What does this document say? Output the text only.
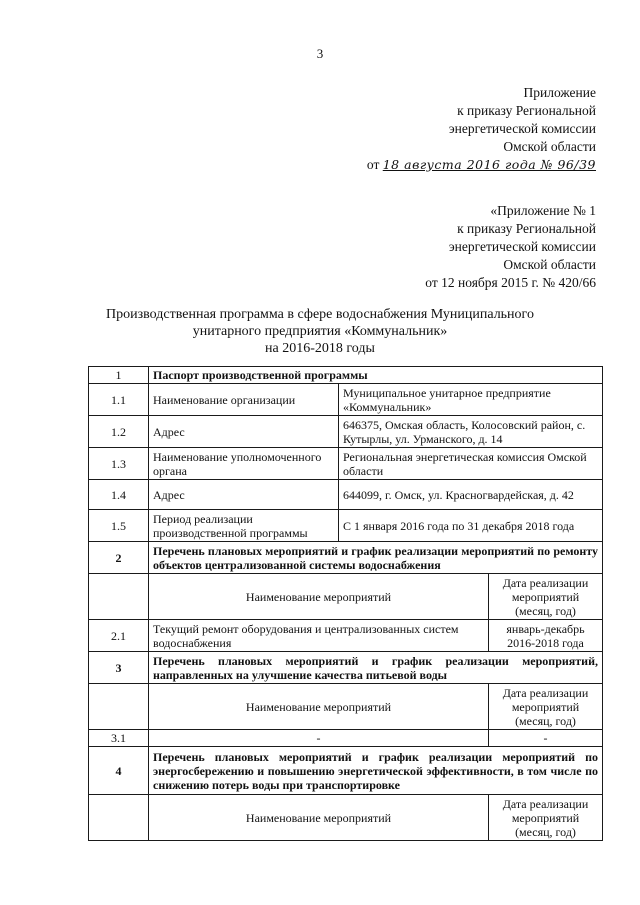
3
Приложение
к приказу Региональной
энергетической комиссии
Омской области
от 18 августа 2016 года № 96/39
«Приложение № 1
к приказу Региональной
энергетической комиссии
Омской области
от 12 ноября 2015 г. № 420/66
Производственная программа в сфере водоснабжения Муниципального
унитарного предприятия «Коммунальник»
на 2016-2018 годы
1	Паспорт производственной программы		
1.1	Наименование организации	Муниципальное унитарное предприятие «Коммунальник»	
1.2	Адрес	646375, Омская область, Колосовский район, с. Кутырлы, ул. Урманского, д. 14	
1.3	Наименование уполномоченного органа	Региональная энергетическая комиссия Омской области	
1.4	Адрес	644099, г. Омск, ул. Красногвардейская, д. 42	
1.5	Период реализации производственной программы	С 1 января 2016 года по 31 декабря 2018 года	
2	Перечень плановых мероприятий и график реализации мероприятий по ремонту объектов централизованной системы водоснабжения		
	Наименование мероприятий		Дата реализации мероприятий (месяц, год)
2.1	Текущий ремонт оборудования и централизованных систем водоснабжения		январь-декабрь 2016-2018 года
3	Перечень плановых мероприятий и график реализации мероприятий, направленных на улучшение качества питьевой воды		
	Наименование мероприятий		Дата реализации мероприятий (месяц, год)
3.1	-		-
4	Перечень плановых мероприятий и график реализации мероприятий по энергосбережению и повышению энергетической эффективности, в том числе по снижению потерь воды при транспортировке		
	Наименование мероприятий		Дата реализации мероприятий (месяц, год)
